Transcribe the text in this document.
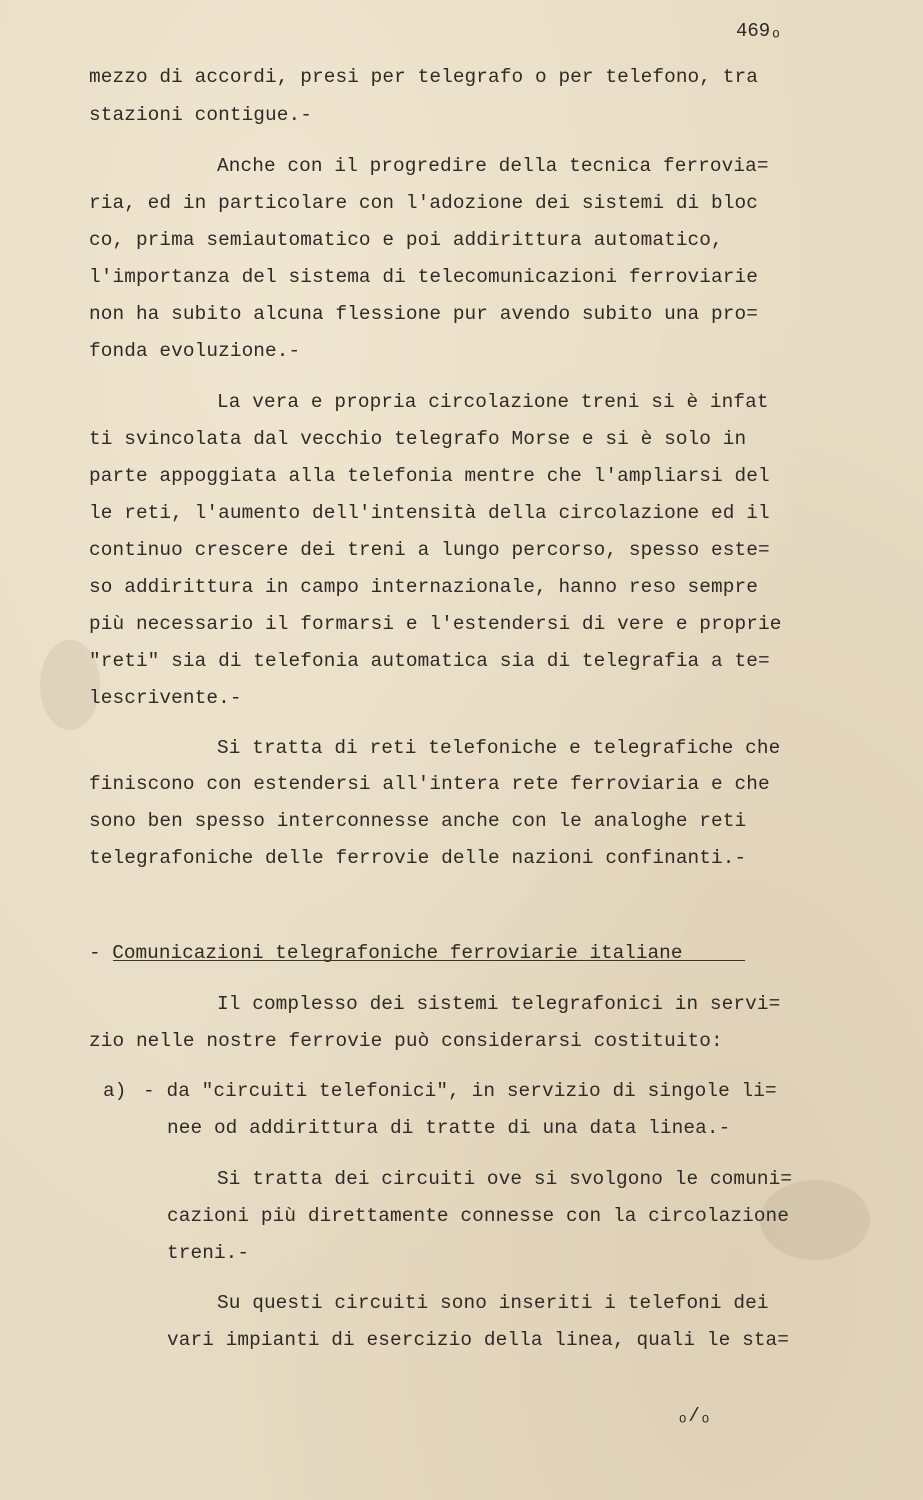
469ₒ
mezzo di accordi, presi per telegrafo o per telefono, tra
stazioni contigue.-
Anche con il progredire della tecnica ferrovia=
ria, ed in particolare con l'adozione dei sistemi di bloc
co, prima semiautomatico e poi addirittura automatico,
l'importanza del sistema di telecomunicazioni ferroviarie
non ha subito alcuna flessione pur avendo subito una pro=
fonda evoluzione.-
La vera e propria circolazione treni si è infat
ti svincolata dal vecchio telegrafo Morse e si è solo in
parte appoggiata alla telefonia mentre che l'ampliarsi del
le reti, l'aumento dell'intensità della circolazione ed il
continuo crescere dei treni a lungo percorso, spesso este=
so addirittura in campo internazionale, hanno reso sempre
più necessario il formarsi e l'estendersi di vere e proprie
"reti" sia di telefonia automatica sia di telegrafia a te=
lescrivente.-
Si tratta di reti telefoniche e telegrafiche che
finiscono con estendersi all'intera rete ferroviaria e che
sono ben spesso interconnesse anche con le analoghe reti
telegrafoniche delle ferrovie delle nazioni confinanti.-
- Comunicazioni telegrafoniche ferroviarie italiane
Il complesso dei sistemi telegrafonici in servi=
zio nelle nostre ferrovie può considerarsi costituito:
a) - da "circuiti telefonici", in servizio di singole li=
nee od addirittura di tratte di una data linea.-
Si tratta dei circuiti ove si svolgono le comuni=
cazioni più direttamente connesse con la circolazione
treni.-
Su questi circuiti sono inseriti i telefoni dei
vari impianti di esercizio della linea, quali le sta=
ₒ/ₒ
